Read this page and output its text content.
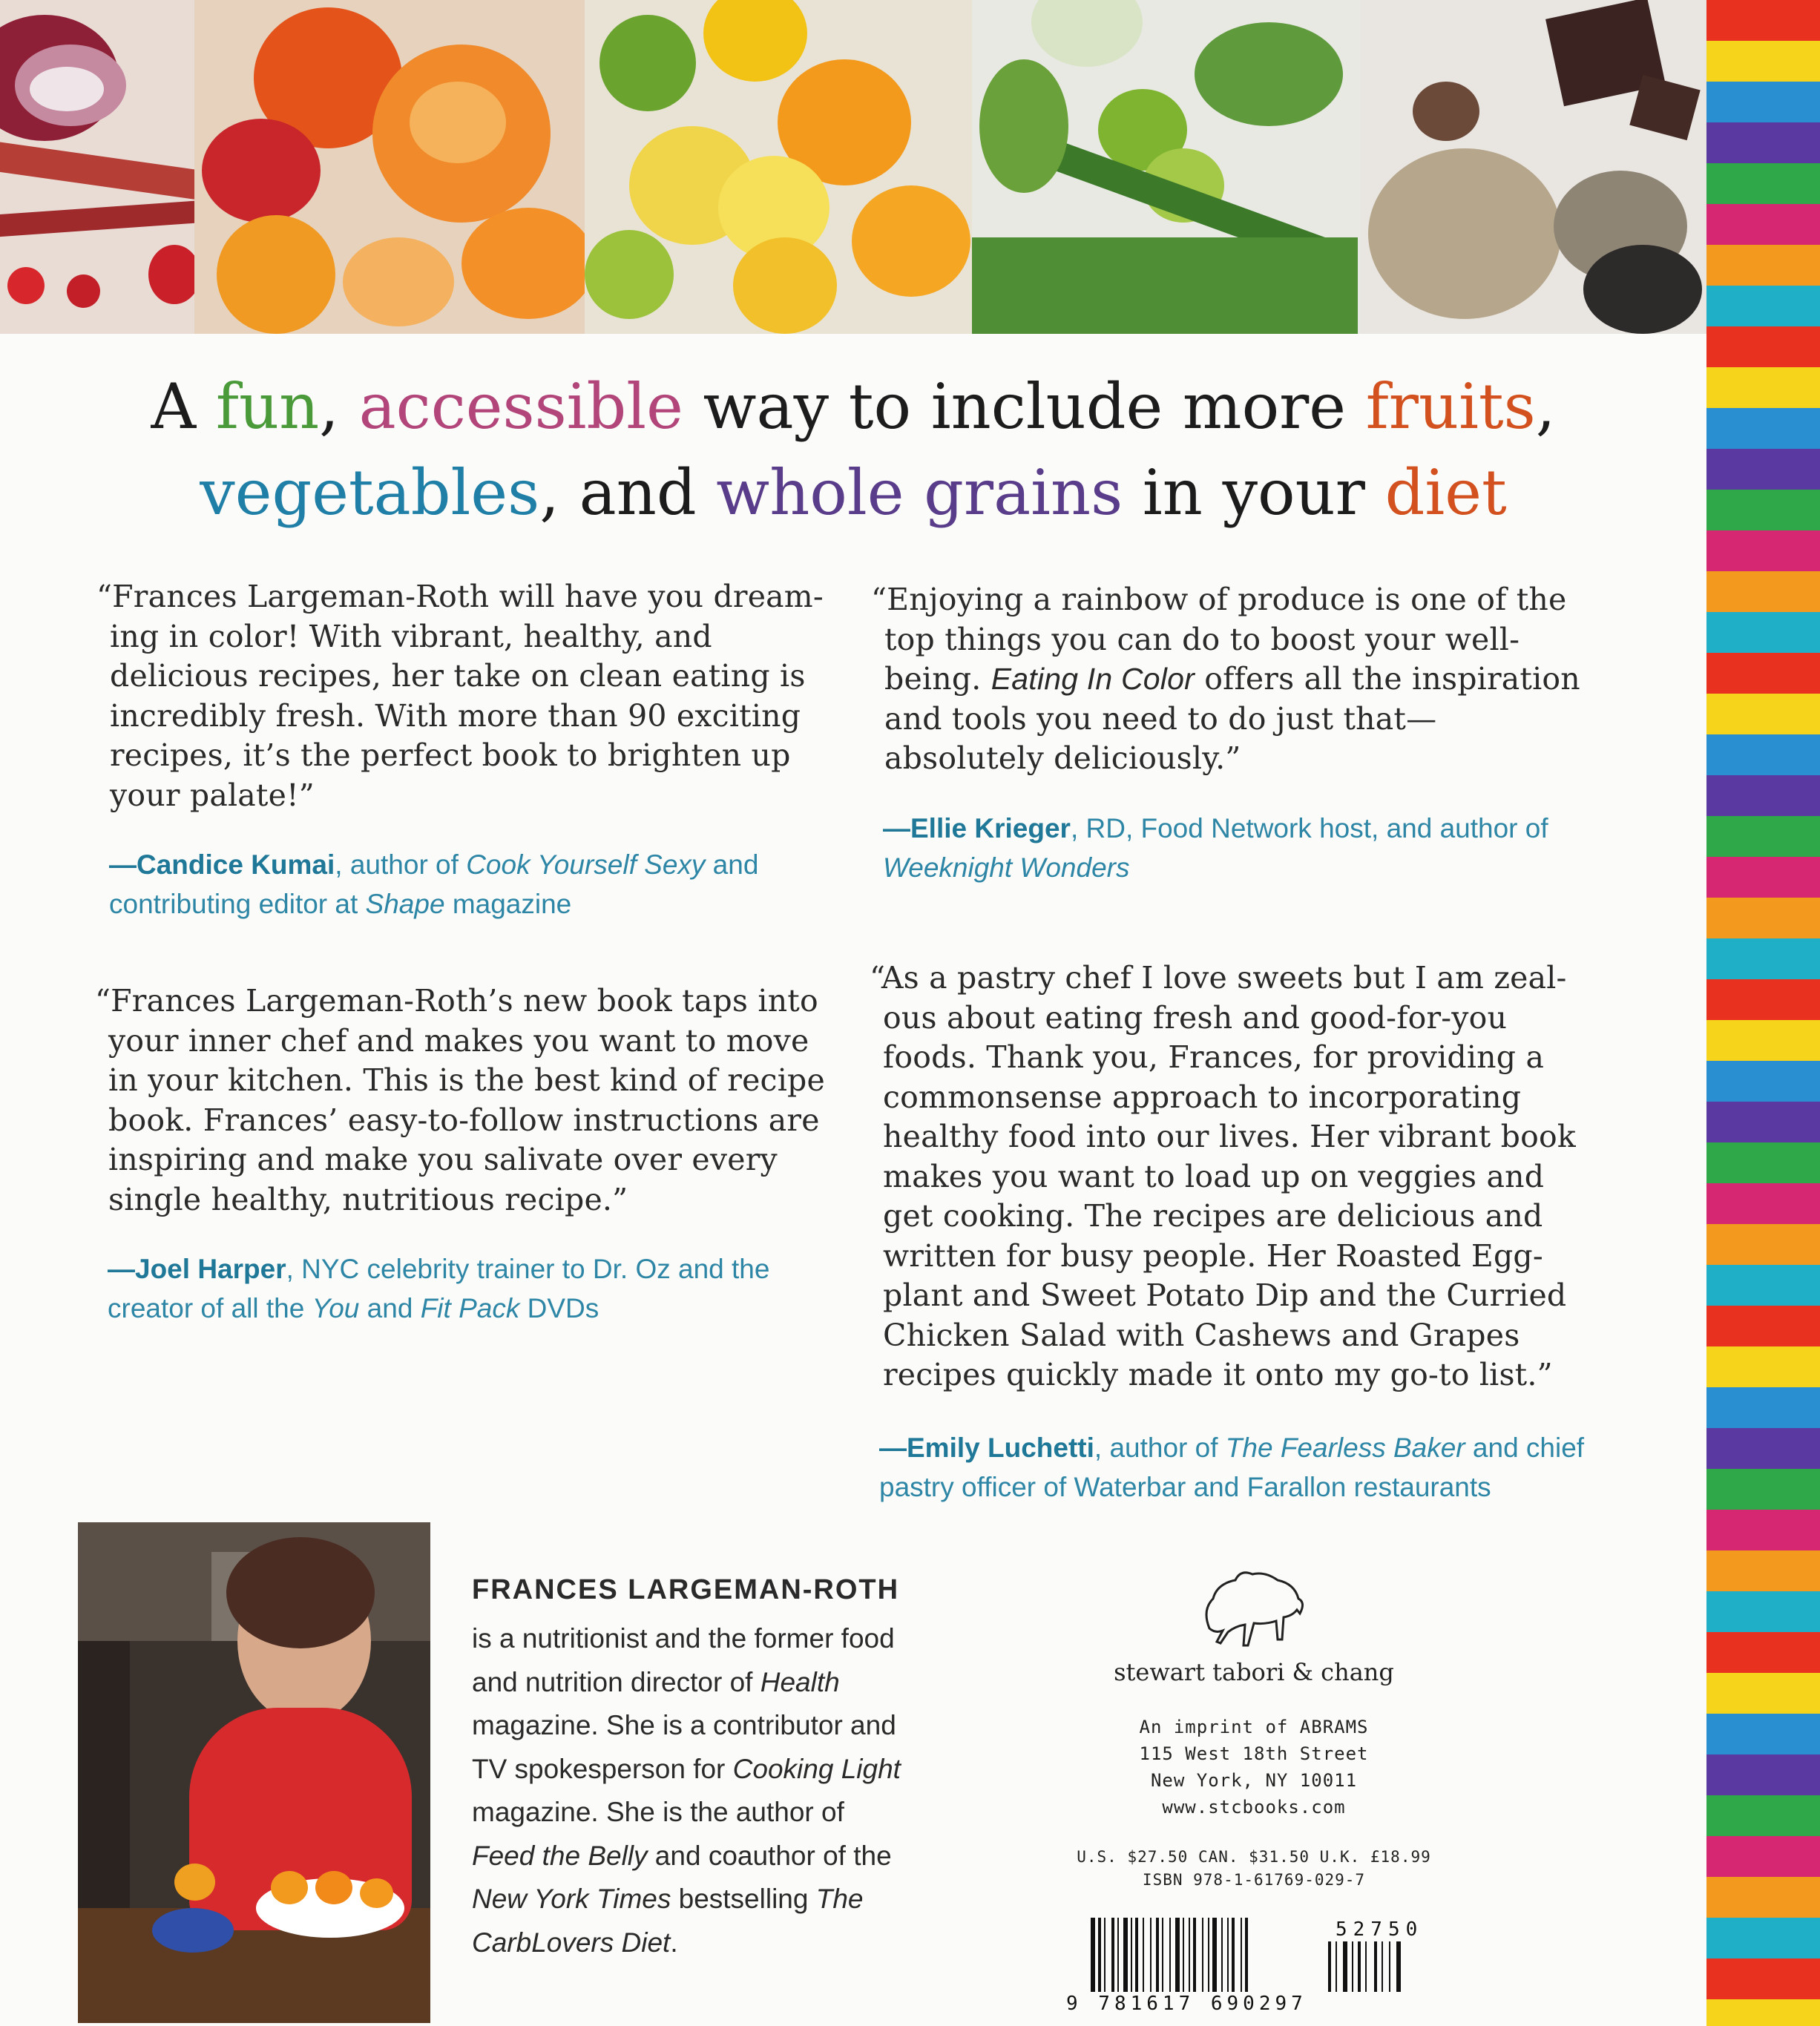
A fun, accessible way to include more fruits,
vegetables, and whole grains in your diet
“Frances Largeman-Roth will have you dream-
ing in color! With vibrant, healthy, and
delicious recipes, her take on clean eating is
incredibly fresh. With more than 90 exciting
recipes, it’s the perfect book to brighten up
your palate!”
—Candice Kumai, author of Cook Yourself Sexy and
contributing editor at Shape magazine
“Enjoying a rainbow of produce is one of the
top things you can do to boost your well-
being. Eating In Color offers all the inspiration
and tools you need to do just that—
absolutely deliciously.”
—Ellie Krieger, RD, Food Network host, and author of
Weeknight Wonders
“Frances Largeman-Roth’s new book taps into
your inner chef and makes you want to move
in your kitchen. This is the best kind of recipe
book. Frances’ easy-to-follow instructions are
inspiring and make you salivate over every
single healthy, nutritious recipe.”
—Joel Harper, NYC celebrity trainer to Dr. Oz and the
creator of all the You and Fit Pack DVDs
“As a pastry chef I love sweets but I am zeal-
ous about eating fresh and good-for-you
foods. Thank you, Frances, for providing a
commonsense approach to incorporating
healthy food into our lives. Her vibrant book
makes you want to load up on veggies and
get cooking. The recipes are delicious and
written for busy people. Her Roasted Egg-
plant and Sweet Potato Dip and the Curried
Chicken Salad with Cashews and Grapes
recipes quickly made it onto my go-to list.”
—Emily Luchetti, author of The Fearless Baker and chief
pastry officer of Waterbar and Farallon restaurants
FRANCES LARGEMAN-ROTH
is a nutritionist and the former food
and nutrition director of Health
magazine. She is a contributor and
TV spokesperson for Cooking Light
magazine. She is the author of
Feed the Belly and coauthor of the
New York Times bestselling The
CarbLovers Diet.
stewart tabori & chang
An imprint of ABRAMS
115 West 18th Street
New York, NY 10011
www.stcbooks.com
U.S. $27.50 CAN. $31.50 U.K. £18.99
ISBN 978-1-61769-029-7
9 781617 690297
52750
